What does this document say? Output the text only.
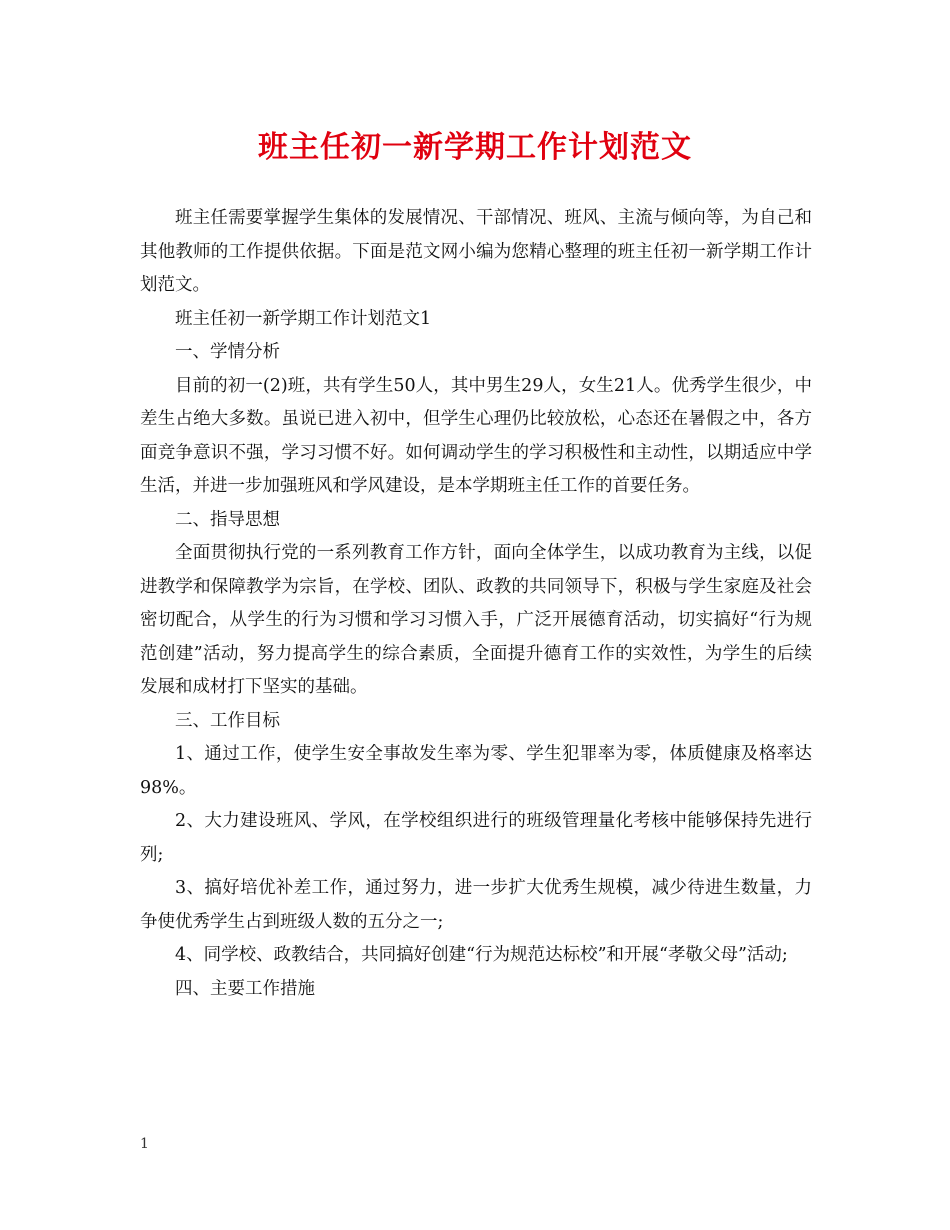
班主任初一新学期工作计划范文

班主任需要掌握学生集体的发展情况、干部情况、班风、主流与倾向等，为自己和其他教师的工作提供依据。下面是范文网小编为您精心整理的班主任初一新学期工作计划范文。

班主任初一新学期工作计划范文1

一、学情分析

目前的初一(2)班，共有学生50人，其中男生29人，女生21人。优秀学生很少，中差生占绝大多数。虽说已进入初中，但学生心理仍比较放松，心态还在暑假之中，各方面竞争意识不强，学习习惯不好。如何调动学生的学习积极性和主动性，以期适应中学生活，并进一步加强班风和学风建设，是本学期班主任工作的首要任务。

二、指导思想

全面贯彻执行党的一系列教育工作方针，面向全体学生，以成功教育为主线，以促进教学和保障教学为宗旨，在学校、团队、政教的共同领导下，积极与学生家庭及社会密切配合，从学生的行为习惯和学习习惯入手，广泛开展德育活动，切实搞好“行为规范创建”活动，努力提高学生的综合素质，全面提升德育工作的实效性，为学生的后续发展和成材打下坚实的基础。

三、工作目标

1、通过工作，使学生安全事故发生率为零、学生犯罪率为零，体质健康及格率达98%。

2、大力建设班风、学风，在学校组织进行的班级管理量化考核中能够保持先进行列;

3、搞好培优补差工作，通过努力，进一步扩大优秀生规模，减少待进生数量，力争使优秀学生占到班级人数的五分之一;

4、同学校、政教结合，共同搞好创建“行为规范达标校”和开展“孝敬父母”活动;

四、主要工作措施

1
